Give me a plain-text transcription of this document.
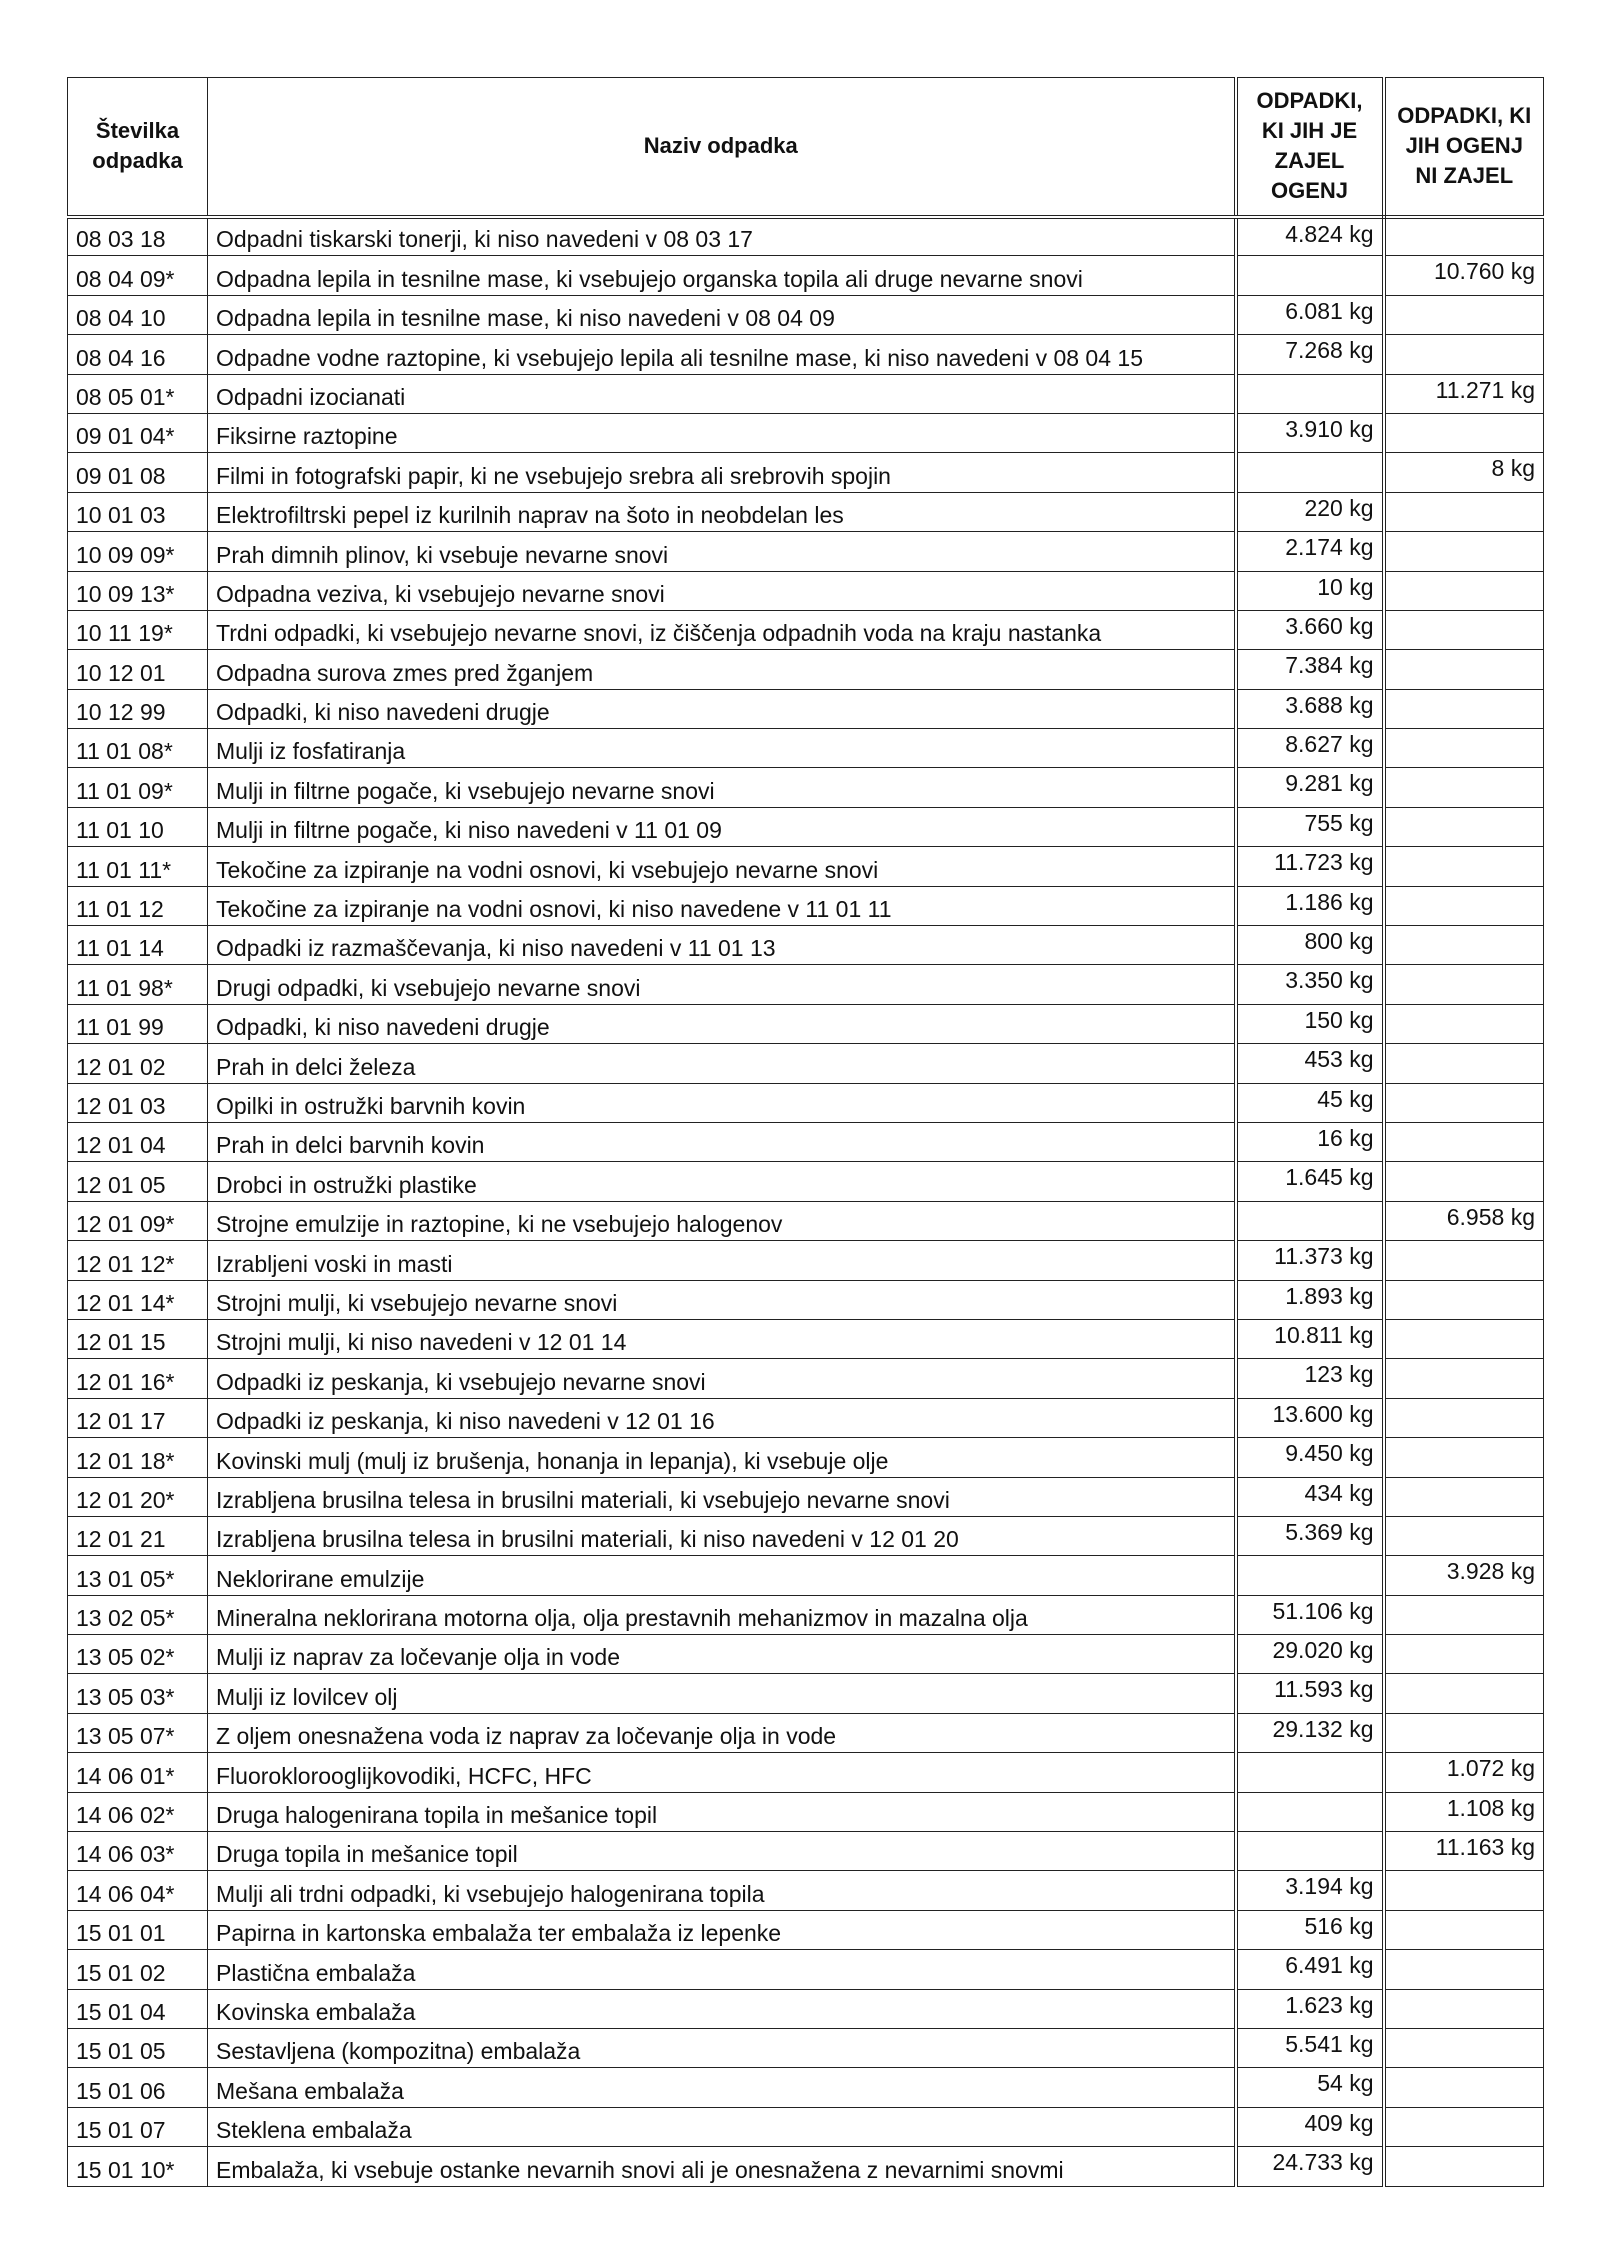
Številka odpadka	Naziv odpadka	ODPADKI, KI JIH JE ZAJEL OGENJ	ODPADKI, KI JIH OGENJ NI ZAJEL
08 03 18	Odpadni tiskarski tonerji, ki niso navedeni v 08 03 17	4.824 kg	
08 04 09*	Odpadna lepila in tesnilne mase, ki vsebujejo organska topila ali druge nevarne snovi		10.760 kg
08 04 10	Odpadna lepila in tesnilne mase, ki niso navedeni v 08 04 09	6.081 kg	
08 04 16	Odpadne vodne raztopine, ki vsebujejo lepila ali tesnilne mase, ki niso navedeni v 08 04 15	7.268 kg	
08 05 01*	Odpadni izocianati		11.271 kg
09 01 04*	Fiksirne raztopine	3.910 kg	
09 01 08	Filmi in fotografski papir, ki ne vsebujejo srebra ali srebrovih spojin		8 kg
10 01 03	Elektrofiltrski pepel iz kurilnih naprav na šoto in neobdelan les	220 kg	
10 09 09*	Prah dimnih plinov, ki vsebuje nevarne snovi	2.174 kg	
10 09 13*	Odpadna veziva, ki vsebujejo nevarne snovi	10 kg	
10 11 19*	Trdni odpadki, ki vsebujejo nevarne snovi, iz čiščenja odpadnih voda na kraju nastanka	3.660 kg	
10 12 01	Odpadna surova zmes pred žganjem	7.384 kg	
10 12 99	Odpadki, ki niso navedeni drugje	3.688 kg	
11 01 08*	Mulji iz fosfatiranja	8.627 kg	
11 01 09*	Mulji in filtrne pogače, ki vsebujejo nevarne snovi	9.281 kg	
11 01 10	Mulji in filtrne pogače, ki niso navedeni v 11 01 09	755 kg	
11 01 11*	Tekočine za izpiranje na vodni osnovi, ki vsebujejo nevarne snovi	11.723 kg	
11 01 12	Tekočine za izpiranje na vodni osnovi, ki niso navedene v 11 01 11	1.186 kg	
11 01 14	Odpadki iz razmaščevanja, ki niso navedeni v 11 01 13	800 kg	
11 01 98*	Drugi odpadki, ki vsebujejo nevarne snovi	3.350 kg	
11 01 99	Odpadki, ki niso navedeni drugje	150 kg	
12 01 02	Prah in delci železa	453 kg	
12 01 03	Opilki in ostružki barvnih kovin	45 kg	
12 01 04	Prah in delci barvnih kovin	16 kg	
12 01 05	Drobci in ostružki plastike	1.645 kg	
12 01 09*	Strojne emulzije in raztopine, ki ne vsebujejo halogenov		6.958 kg
12 01 12*	Izrabljeni voski in masti	11.373 kg	
12 01 14*	Strojni mulji, ki vsebujejo nevarne snovi	1.893 kg	
12 01 15	Strojni mulji, ki niso navedeni v 12 01 14	10.811 kg	
12 01 16*	Odpadki iz peskanja, ki vsebujejo nevarne snovi	123 kg	
12 01 17	Odpadki iz peskanja, ki niso navedeni v 12 01 16	13.600 kg	
12 01 18*	Kovinski mulj (mulj iz brušenja, honanja in lepanja), ki vsebuje olje	9.450 kg	
12 01 20*	Izrabljena brusilna telesa in brusilni materiali, ki vsebujejo nevarne snovi	434 kg	
12 01 21	Izrabljena brusilna telesa in brusilni materiali, ki niso navedeni v 12 01 20	5.369 kg	
13 01 05*	Neklorirane emulzije		3.928 kg
13 02 05*	Mineralna neklorirana motorna olja, olja prestavnih mehanizmov in mazalna olja	51.106 kg	
13 05 02*	Mulji iz naprav za ločevanje olja in vode	29.020 kg	
13 05 03*	Mulji iz lovilcev olj	11.593 kg	
13 05 07*	Z oljem onesnažena voda iz naprav za ločevanje olja in vode	29.132 kg	
14 06 01*	Fluoroklorooglijkovodiki, HCFC, HFC		1.072 kg
14 06 02*	Druga halogenirana topila in mešanice topil		1.108 kg
14 06 03*	Druga topila in mešanice topil		11.163 kg
14 06 04*	Mulji ali trdni odpadki, ki vsebujejo halogenirana topila	3.194 kg	
15 01 01	Papirna in kartonska embalaža ter embalaža iz lepenke	516 kg	
15 01 02	Plastična embalaža	6.491 kg	
15 01 04	Kovinska embalaža	1.623 kg	
15 01 05	Sestavljena (kompozitna) embalaža	5.541 kg	
15 01 06	Mešana embalaža	54 kg	
15 01 07	Steklena embalaža	409 kg	
15 01 10*	Embalaža, ki vsebuje ostanke nevarnih snovi ali je onesnažena z nevarnimi snovmi	24.733 kg	
